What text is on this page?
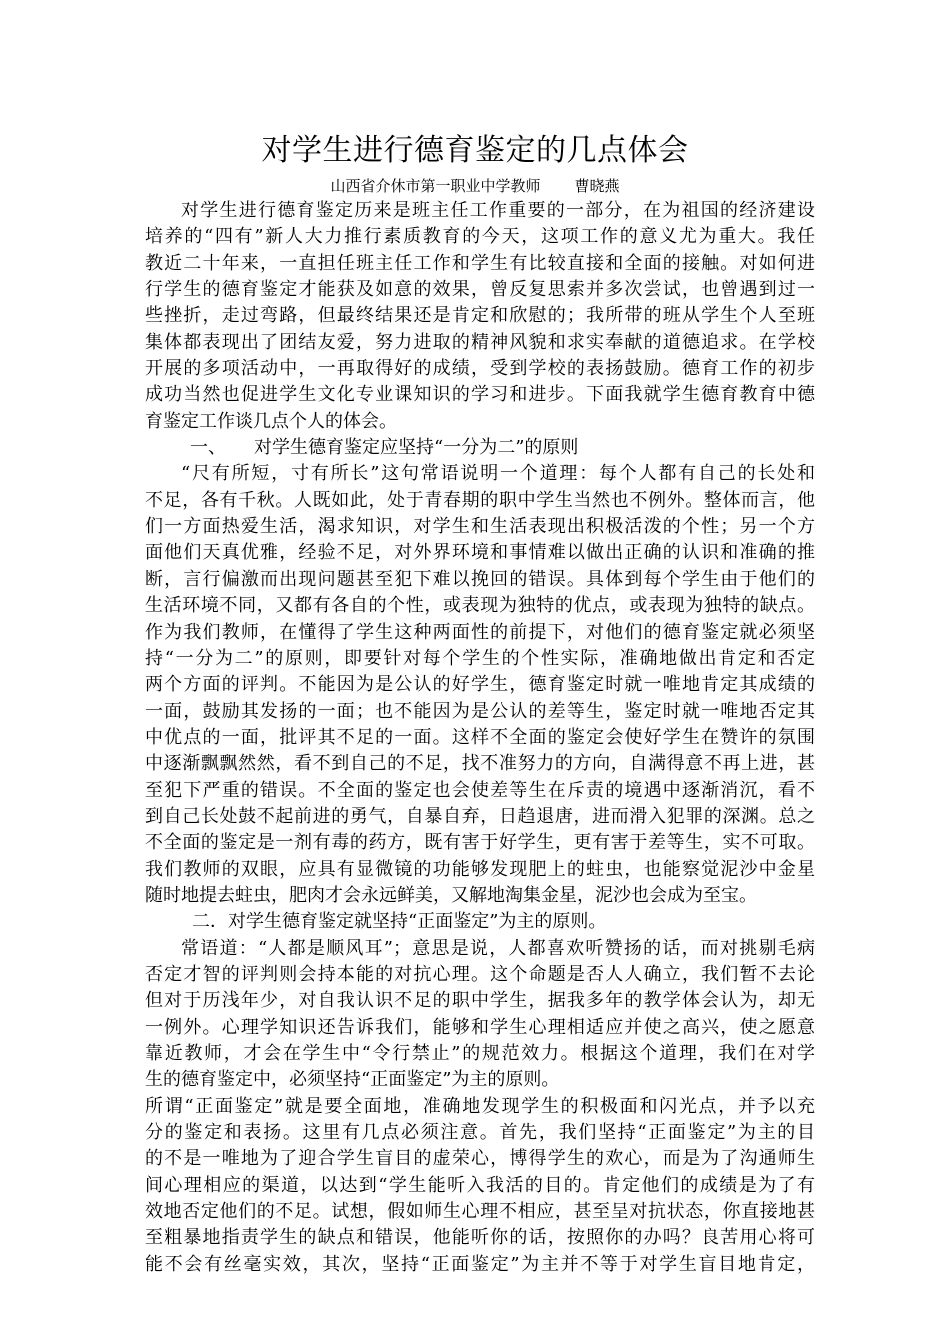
对学生进行德育鉴定的几点体会
山西省介休市第一职业中学教师 曹晓燕
对学生进行德育鉴定历来是班主任工作重要的一部分，在为祖国的经济建设
培养的“四有”新人大力推行素质教育的今天，这项工作的意义尤为重大。我任
教近二十年来，一直担任班主任工作和学生有比较直接和全面的接触。对如何进
行学生的德育鉴定才能获及如意的效果，曾反复思索并多次尝试，也曾遇到过一
些挫折，走过弯路，但最终结果还是肯定和欣慰的；我所带的班从学生个人至班
集体都表现出了团结友爱，努力进取的精神风貌和求实奉献的道德追求。在学校
开展的多项活动中，一再取得好的成绩，受到学校的表扬鼓励。德育工作的初步
成功当然也促进学生文化专业课知识的学习和进步。下面我就学生德育教育中德
育鉴定工作谈几点个人的体会。
一、 对学生德育鉴定应坚持“一分为二”的原则
“尺有所短，寸有所长”这句常语说明一个道理：每个人都有自己的长处和
不足，各有千秋。人既如此，处于青春期的职中学生当然也不例外。整体而言，他
们一方面热爱生活，渴求知识，对学生和生活表现出积极活泼的个性；另一个方
面他们天真优雅，经验不足，对外界环境和事情难以做出正确的认识和准确的推
断，言行偏激而出现问题甚至犯下难以挽回的错误。具体到每个学生由于他们的
生活环境不同，又都有各自的个性，或表现为独特的优点，或表现为独特的缺点。
作为我们教师，在懂得了学生这种两面性的前提下，对他们的德育鉴定就必须坚
持“一分为二”的原则，即要针对每个学生的个性实际，准确地做出肯定和否定
两个方面的评判。不能因为是公认的好学生，德育鉴定时就一唯地肯定其成绩的
一面，鼓励其发扬的一面；也不能因为是公认的差等生，鉴定时就一唯地否定其
中优点的一面，批评其不足的一面。这样不全面的鉴定会使好学生在赞许的氛围
中逐渐飘飘然然，看不到自己的不足，找不准努力的方向，自满得意不再上进，甚
至犯下严重的错误。不全面的鉴定也会使差等生在斥责的境遇中逐渐消沉，看不
到自己长处鼓不起前进的勇气，自暴自弃，日趋退唐，进而滑入犯罪的深渊。总之
不全面的鉴定是一剂有毒的药方，既有害于好学生，更有害于差等生，实不可取。
我们教师的双眼，应具有显微镜的功能够发现肥上的蛀虫，也能察觉泥沙中金星
随时地提去蛀虫，肥肉才会永远鲜美，又解地淘集金星，泥沙也会成为至宝。
二．对学生德育鉴定就坚持“正面鉴定”为主的原则。
常语道：“人都是顺风耳”；意思是说，人都喜欢听赞扬的话，而对挑剔毛病
否定才智的评判则会持本能的对抗心理。这个命题是否人人确立，我们暂不去论
但对于历浅年少，对自我认识不足的职中学生，据我多年的教学体会认为，却无
一例外。心理学知识还告诉我们，能够和学生心理相适应并使之高兴，使之愿意
靠近教师，才会在学生中“令行禁止”的规范效力。根据这个道理，我们在对学
生的德育鉴定中，必须坚持“正面鉴定”为主的原则。
所谓“正面鉴定”就是要全面地，准确地发现学生的积极面和闪光点，并予以充
分的鉴定和表扬。这里有几点必须注意。首先，我们坚持“正面鉴定”为主的目
的不是一唯地为了迎合学生盲目的虚荣心，博得学生的欢心，而是为了沟通师生
间心理相应的渠道，以达到“学生能听入我活的目的。肯定他们的成绩是为了有
效地否定他们的不足。试想，假如师生心理不相应，甚至呈对抗状态，你直接地甚
至粗暴地指责学生的缺点和错误，他能听你的话，按照你的办吗？良苦用心将可
能不会有丝毫实效，其次，坚持“正面鉴定”为主并不等于对学生盲目地肯定，
